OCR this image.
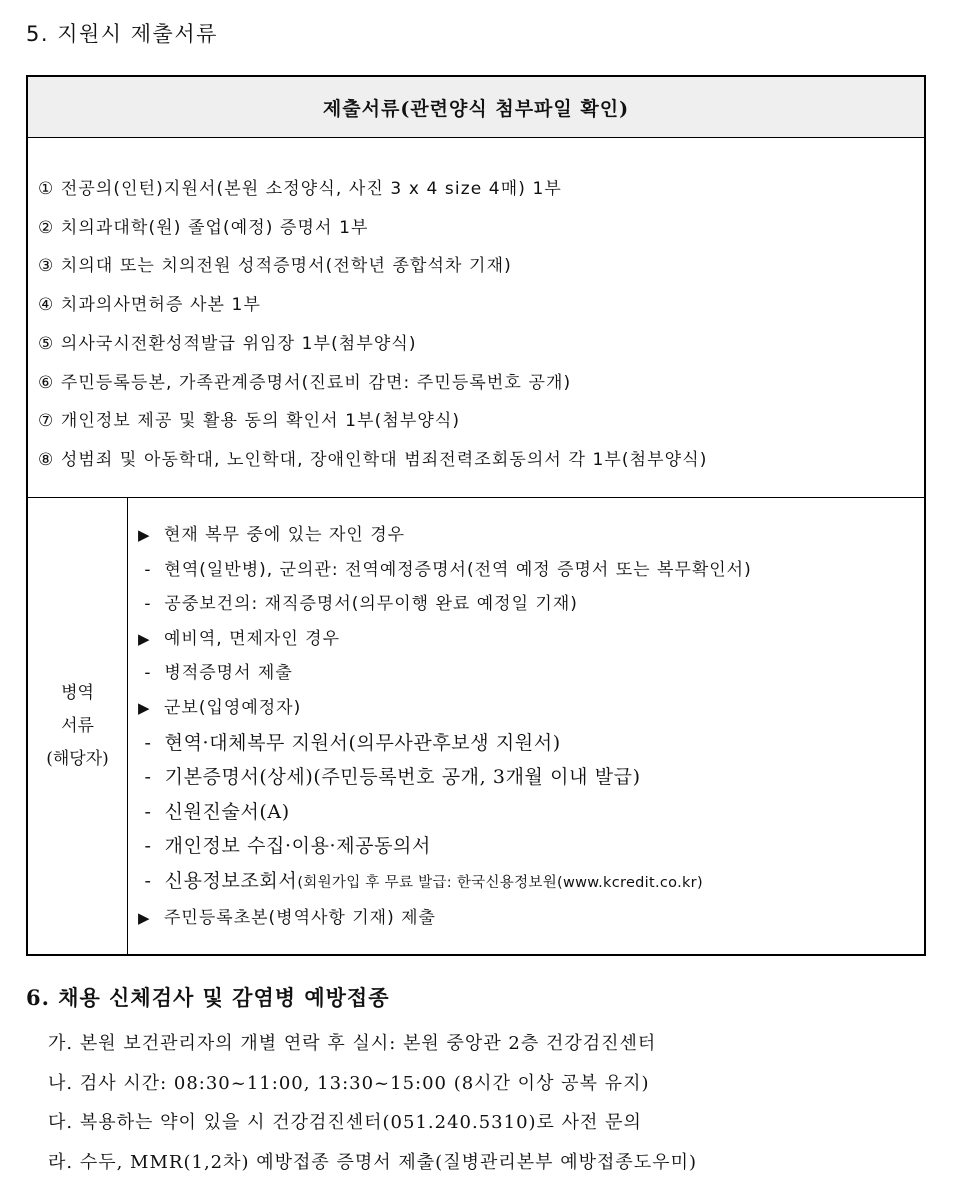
5. 지원시 제출서류
제출서류(관련양식 첨부파일 확인)
① 전공의(인턴)지원서(본원 소정양식, 사진 3 x 4 size 4매) 1부
② 치의과대학(원) 졸업(예정) 증명서 1부
③ 치의대 또는 치의전원 성적증명서(전학년 종합석차 기재)
④ 치과의사면허증 사본 1부
⑤ 의사국시전환성적발급 위임장 1부(첨부양식)
⑥ 주민등록등본, 가족관계증명서(진료비 감면: 주민등록번호 공개)
⑦ 개인정보 제공 및 활용 동의 확인서 1부(첨부양식)
⑧ 성범죄 및 아동학대, 노인학대, 장애인학대 범죄전력조회동의서 각 1부(첨부양식)
병역
서류
(해당자)
▶ 현재 복무 중에 있는 자인 경우
- 현역(일반병), 군의관: 전역예정증명서(전역 예정 증명서 또는 복무확인서)
- 공중보건의: 재직증명서(의무이행 완료 예정일 기재)
▶ 예비역, 면제자인 경우
- 병적증명서 제출
▶ 군보(입영예정자)
- 현역·대체복무 지원서(의무사관후보생 지원서)
- 기본증명서(상세)(주민등록번호 공개, 3개월 이내 발급)
- 신원진술서(A)
- 개인정보 수집·이용·제공동의서
- 신용정보조회서(회원가입 후 무료 발급: 한국신용정보원(www.kcredit.co.kr)
▶ 주민등록초본(병역사항 기재) 제출
6. 채용 신체검사 및 감염병 예방접종
가. 본원 보건관리자의 개별 연락 후 실시: 본원 중앙관 2층 건강검진센터
나. 검사 시간: 08:30~11:00, 13:30~15:00 (8시간 이상 공복 유지)
다. 복용하는 약이 있을 시 건강검진센터(051.240.5310)로 사전 문의
라. 수두, MMR(1,2차) 예방접종 증명서 제출(질병관리본부 예방접종도우미)
